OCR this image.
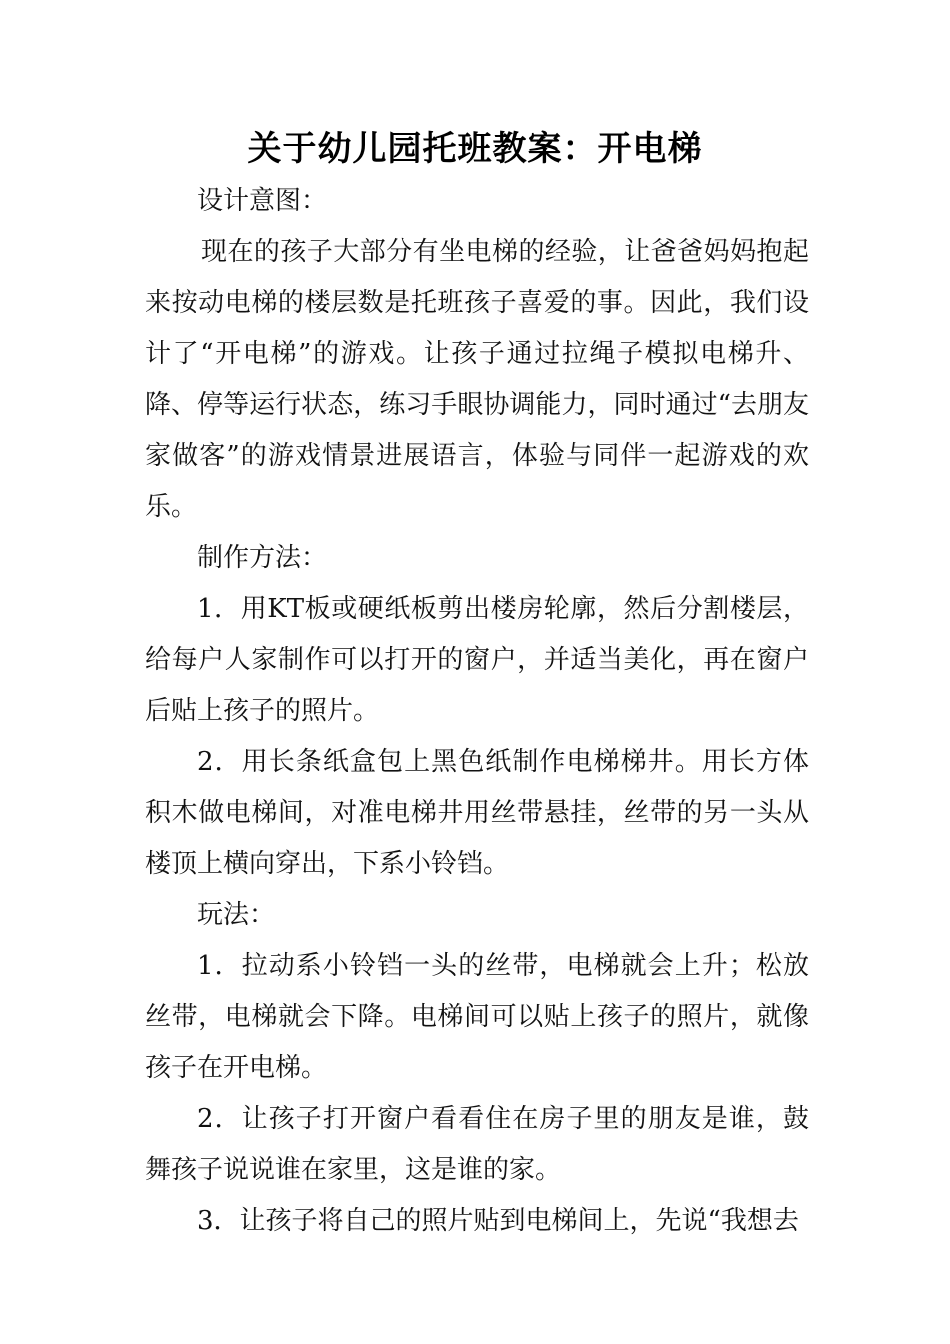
关于幼儿园托班教案：开电梯

设计意图：

现在的孩子大部分有坐电梯的经验，让爸爸妈妈抱起来按动电梯的楼层数是托班孩子喜爱的事。因此，我们设计了“开电梯”的游戏。让孩子通过拉绳子模拟电梯升、降、停等运行状态，练习手眼协调能力，同时通过“去朋友家做客”的游戏情景进展语言，体验与同伴一起游戏的欢乐。

制作方法：

1．用KT板或硬纸板剪出楼房轮廓，然后分割楼层，给每户人家制作可以打开的窗户，并适当美化，再在窗户后贴上孩子的照片。

2．用长条纸盒包上黑色纸制作电梯梯井。用长方体积木做电梯间，对准电梯井用丝带悬挂，丝带的另一头从楼顶上横向穿出，下系小铃铛。

玩法：

1．拉动系小铃铛一头的丝带，电梯就会上升；松放丝带，电梯就会下降。电梯间可以贴上孩子的照片，就像孩子在开电梯。

2．让孩子打开窗户看看住在房子里的朋友是谁，鼓舞孩子说说谁在家里，这是谁的家。

3．让孩子将自己的照片贴到电梯间上，先说“我想去
